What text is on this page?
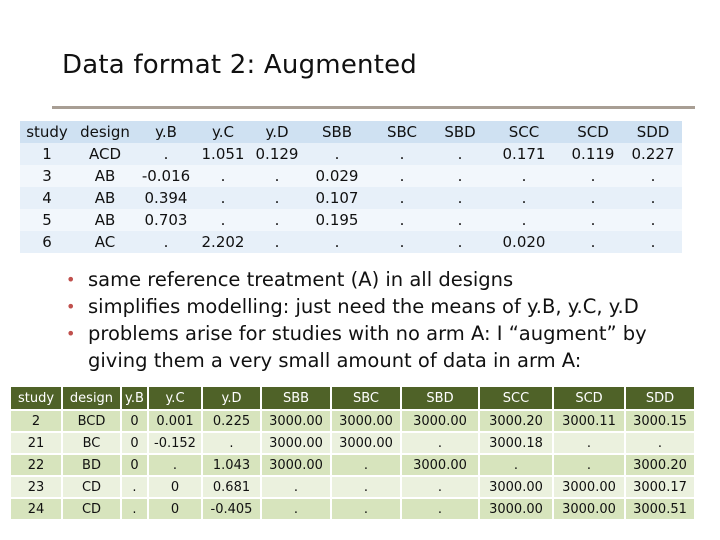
Data format 2: Augmented
study	design	y.B	y.C	y.D	SBB	SBC	SBD	SCC	SCD	SDD
1	ACD	.	1.051	0.129	.	.	.	0.171	0.119	0.227
3	AB	-0.016	.	.	0.029	.	.	.	.	.
4	AB	0.394	.	.	0.107	.	.	.	.	.
5	AB	0.703	.	.	0.195	.	.	.	.	.
6	AC	.	2.202	.	.	.	.	0.020	.	.
• same reference treatment (A) in all designs
• simplifies modelling: just need the means of y.B, y.C, y.D
• problems arise for studies with no arm A: I “augment” by giving them a very small amount of data in arm A:
study	design	y.B	y.C	y.D	SBB	SBC	SBD	SCC	SCD	SDD
2	BCD	0	0.001	0.225	3000.00	3000.00	3000.00	3000.20	3000.11	3000.15
21	BC	0	-0.152	.	3000.00	3000.00	.	3000.18	.	.
22	BD	0	.	1.043	3000.00	.	3000.00	.	.	3000.20
23	CD	.	0	0.681	.	.	.	3000.00	3000.00	3000.17
24	CD	.	0	-0.405	.	.	.	3000.00	3000.00	3000.51
